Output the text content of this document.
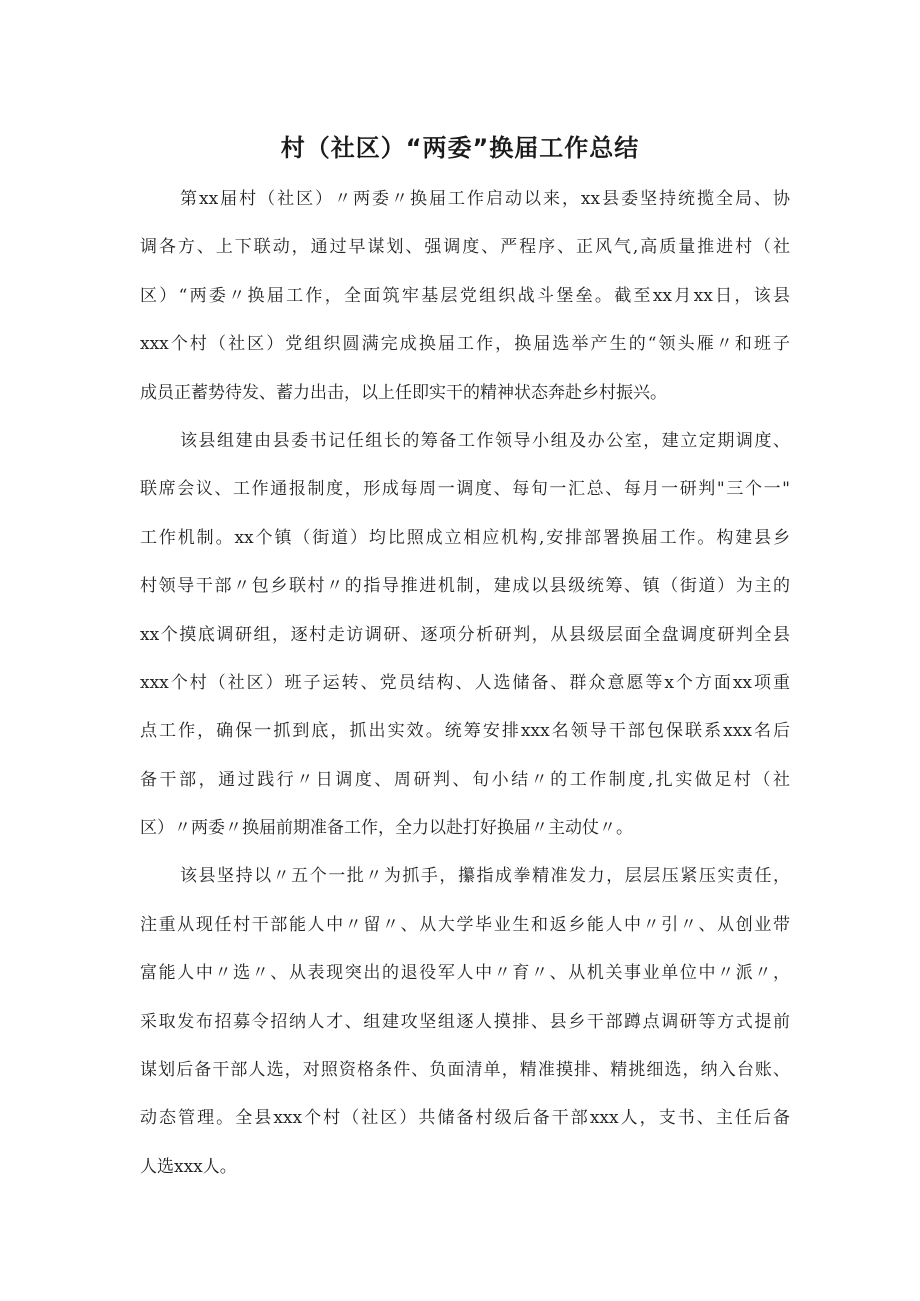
村（社区）“两委”换届工作总结
第xx届村（社区）〃两委〃换届工作启动以来，xx县委坚持统揽全局、协
调各方、上下联动，通过早谋划、强调度、严程序、正风气,高质量推进村（社
区）“两委〃换届工作，全面筑牢基层党组织战斗堡垒。截至xx月xx日，该县
xxx个村（社区）党组织圆满完成换届工作，换届选举产生的“领头雁〃和班子
成员正蓄势待发、蓄力出击，以上任即实干的精神状态奔赴乡村振兴。
该县组建由县委书记任组长的筹备工作领导小组及办公室，建立定期调度、
联席会议、工作通报制度，形成每周一调度、每旬一汇总、每月一研判"三个一"
工作机制。xx个镇（街道）均比照成立相应机构,安排部署换届工作。构建县乡
村领导干部〃包乡联村〃的指导推进机制，建成以县级统筹、镇（街道）为主的
xx个摸底调研组，逐村走访调研、逐项分析研判，从县级层面全盘调度研判全县
xxx个村（社区）班子运转、党员结构、人选储备、群众意愿等x个方面xx项重
点工作，确保一抓到底，抓出实效。统筹安排xxx名领导干部包保联系xxx名后
备干部，通过践行〃日调度、周研判、旬小结〃的工作制度,扎实做足村（社
区）〃两委〃换届前期准备工作，全力以赴打好换届〃主动仗〃。
该县坚持以〃五个一批〃为抓手，攥指成拳精准发力，层层压紧压实责任，
注重从现任村干部能人中〃留〃、从大学毕业生和返乡能人中〃引〃、从创业带
富能人中〃选〃、从表现突出的退役军人中〃育〃、从机关事业单位中〃派〃，
采取发布招募令招纳人才、组建攻坚组逐人摸排、县乡干部蹲点调研等方式提前
谋划后备干部人选，对照资格条件、负面清单，精准摸排、精挑细选，纳入台账、
动态管理。全县xxx个村（社区）共储备村级后备干部xxx人，支书、主任后备
人选xxx人。
